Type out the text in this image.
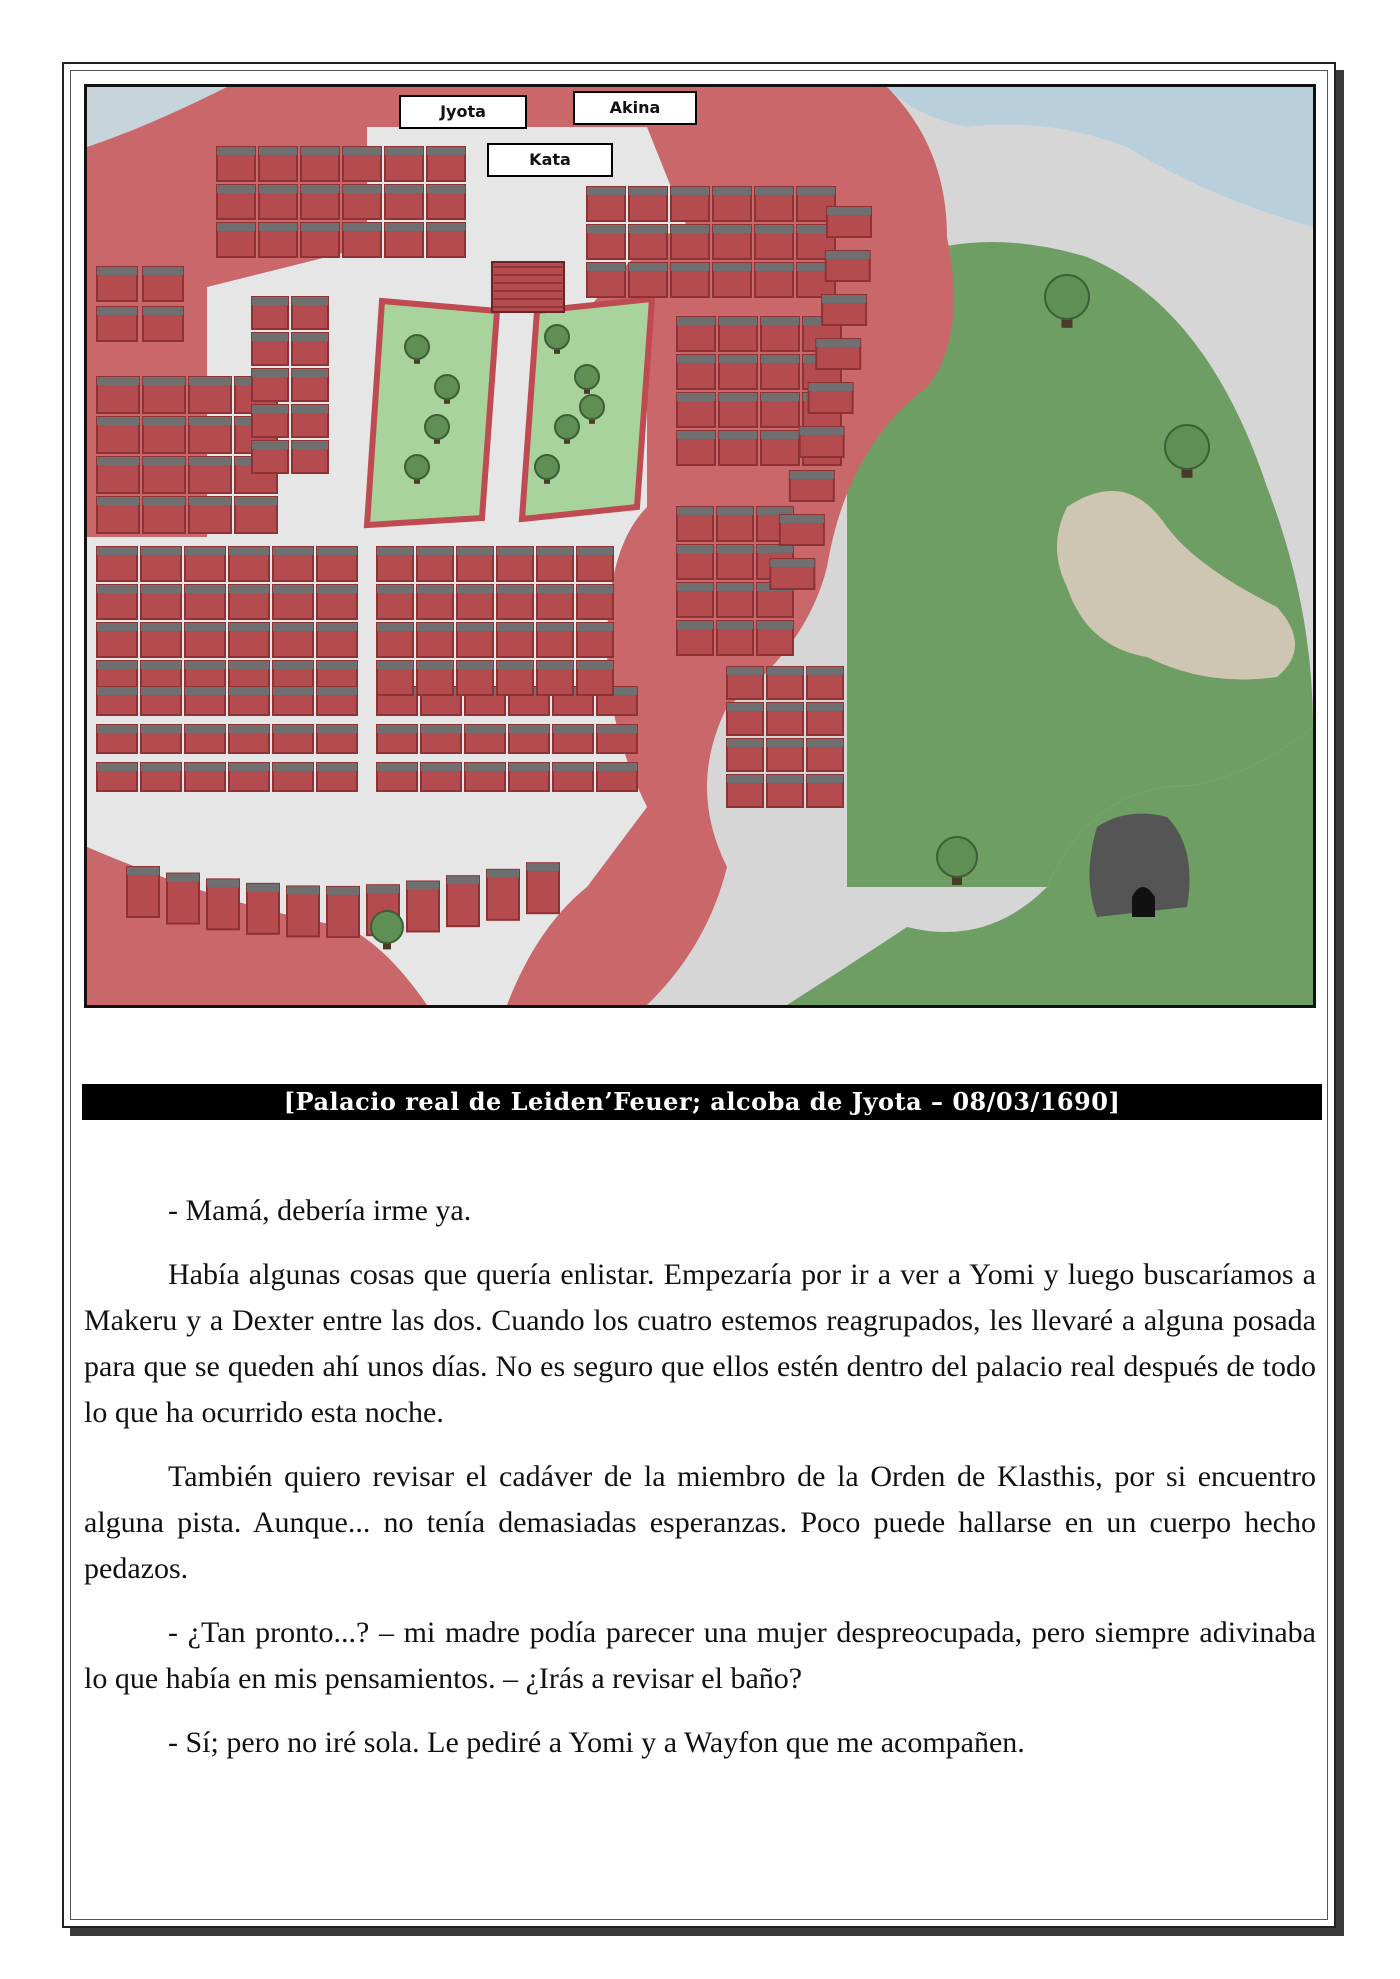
Jyota	Akina
Kata
[Palacio real de Leiden’Feuer; alcoba de Jyota – 08/03/1690]

- Mamá, debería irme ya.

Había algunas cosas que quería enlistar. Empezaría por ir a ver a Yomi y luego buscaríamos a Makeru y a Dexter entre las dos. Cuando los cuatro estemos reagrupados, les llevaré a alguna posada para que se queden ahí unos días. No es seguro que ellos estén dentro del palacio real después de todo lo que ha ocurrido esta noche.

También quiero revisar el cadáver de la miembro de la Orden de Klasthis, por si encuentro alguna pista. Aunque... no tenía demasiadas esperanzas. Poco puede hallarse en un cuerpo hecho pedazos.

- ¿Tan pronto...? – mi madre podía parecer una mujer despreocupada, pero siempre adivinaba lo que había en mis pensamientos. – ¿Irás a revisar el baño?

- Sí; pero no iré sola. Le pediré a Yomi y a Wayfon que me acompañen.
